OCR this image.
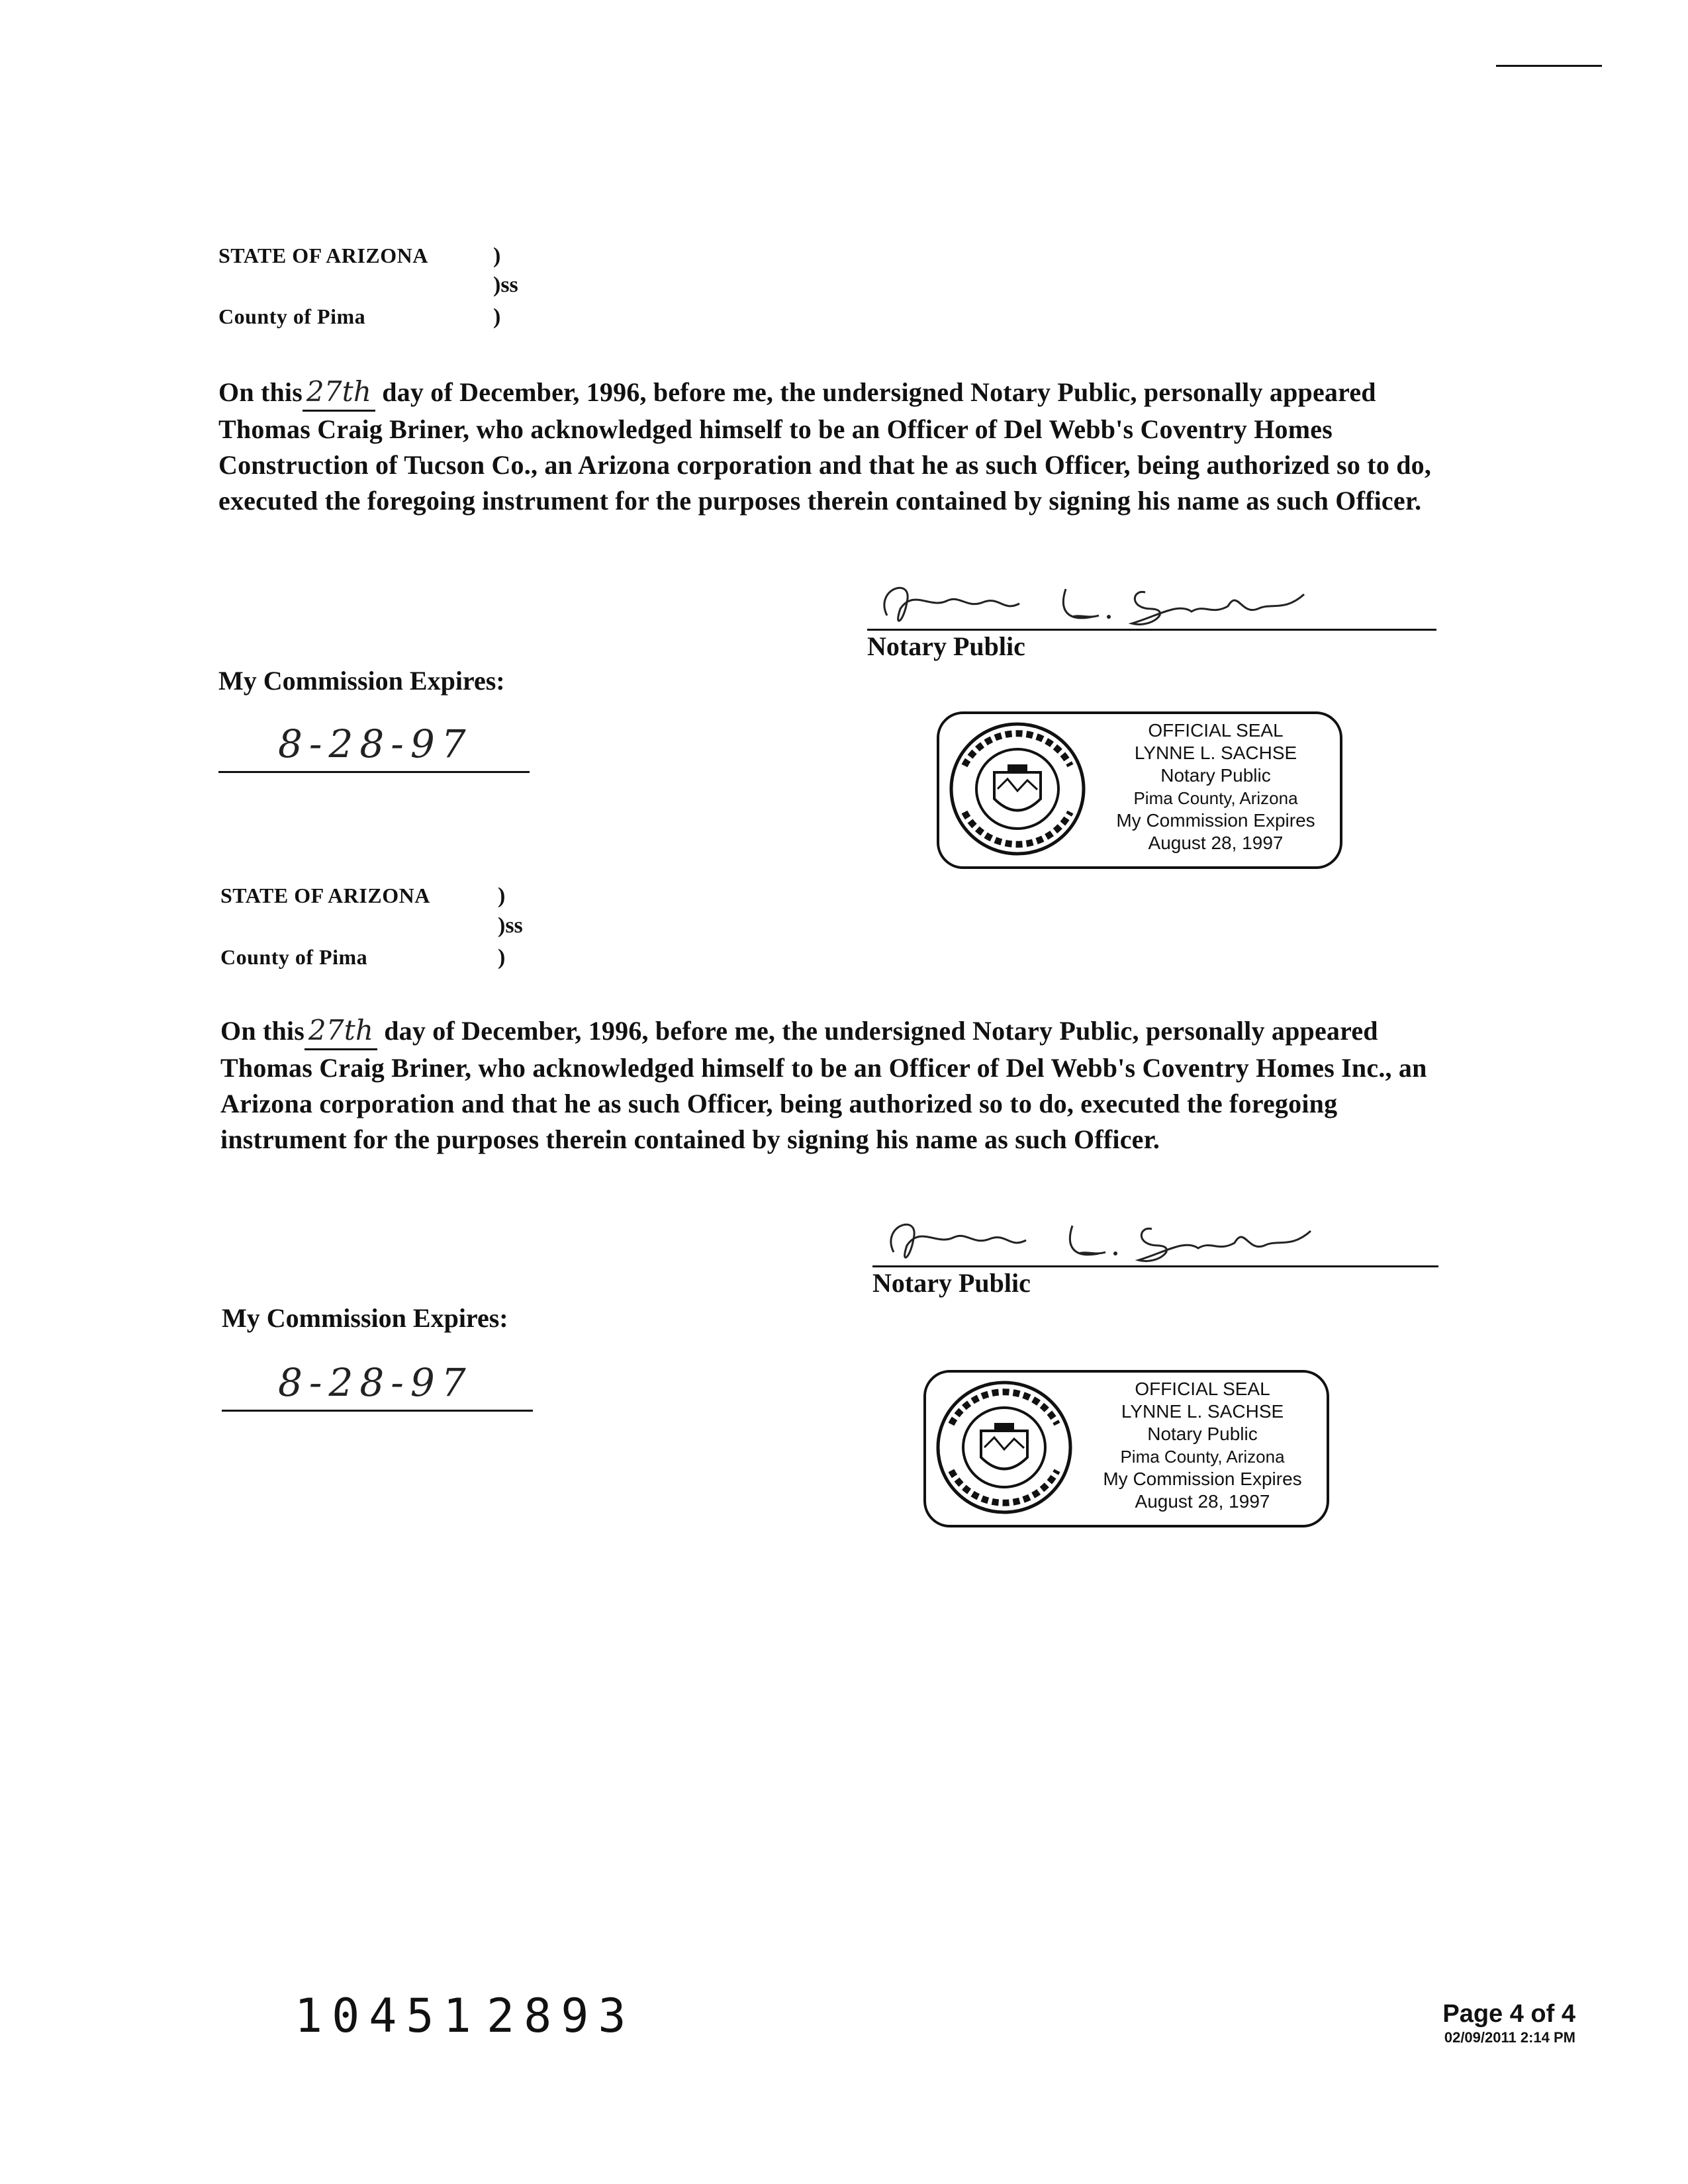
STATE OF ARIZONA	)
)ss
County of Pima	)
On this 27th day of December, 1996, before me, the undersigned Notary Public, personally appeared Thomas Craig Briner, who acknowledged himself to be an Officer of Del Webb's Coventry Homes Construction of Tucson Co., an Arizona corporation and that he as such Officer, being authorized so to do, executed the foregoing instrument for the purposes therein contained by signing his name as such Officer.
Notary Public
My Commission Expires:
8-28-97	OFFICIAL SEAL
LYNNE L. SACHSE
Notary Public
Pima County, Arizona
My Commission Expires
August 28, 1997
STATE OF ARIZONA	)
)ss
County of Pima	)
On this 27th day of December, 1996, before me, the undersigned Notary Public, personally appeared Thomas Craig Briner, who acknowledged himself to be an Officer of Del Webb's Coventry Homes Inc., an Arizona corporation and that he as such Officer, being authorized so to do, executed the foregoing instrument for the purposes therein contained by signing his name as such Officer.
Notary Public
My Commission Expires:
8-28-97	OFFICIAL SEAL
LYNNE L. SACHSE
Notary Public
Pima County, Arizona
My Commission Expires
August 28, 1997
10451 2893	Page 4 of 4
02/09/2011 2:14 PM
